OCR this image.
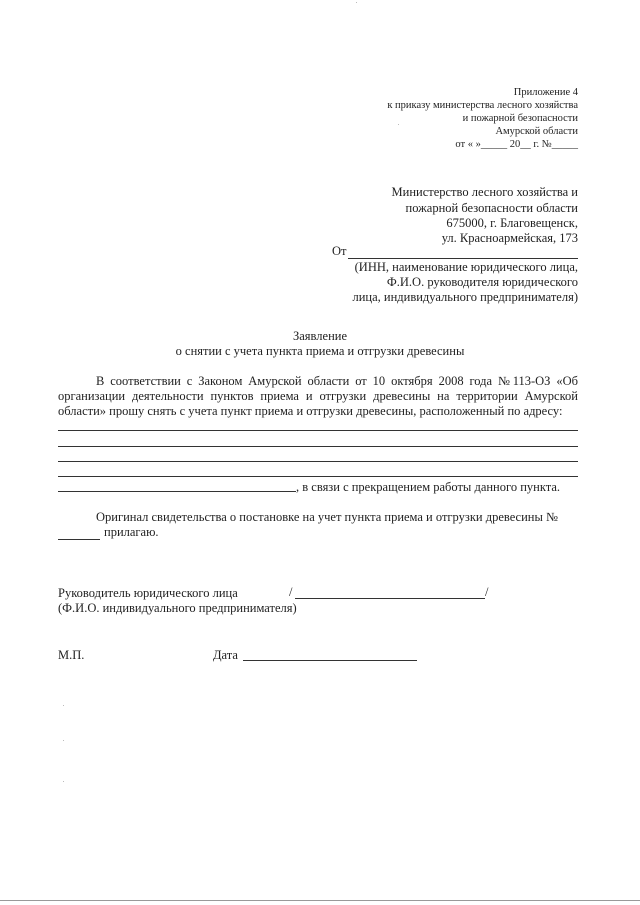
Приложение 4
к приказу министерства лесного хозяйства
и пожарной безопасности
Амурской области
от « »_____ 20__ г. №_____
Министерство лесного хозяйства и
пожарной безопасности области
675000, г. Благовещенск,
ул. Красноармейская, 173
От
(ИНН, наименование юридического лица,
Ф.И.О. руководителя юридического
лица, индивидуального предпринимателя)
Заявление
о снятии с учета пункта приема и отгрузки древесины
В соответствии с Законом Амурской области от 10 октября 2008 года №113-ОЗ «Об
организации деятельности пунктов приема и отгрузки древесины на территории Амурской
области» прошу снять с учета пункт приема и отгрузки древесины, расположенный по адресу:
, в связи с прекращением работы данного пункта.
Оригинал свидетельства о постановке на учет пункта приема и отгрузки древесины №
прилагаю.
Руководитель юридического лица	/	/
(Ф.И.О. индивидуального предпринимателя)
М.П.	Дата
